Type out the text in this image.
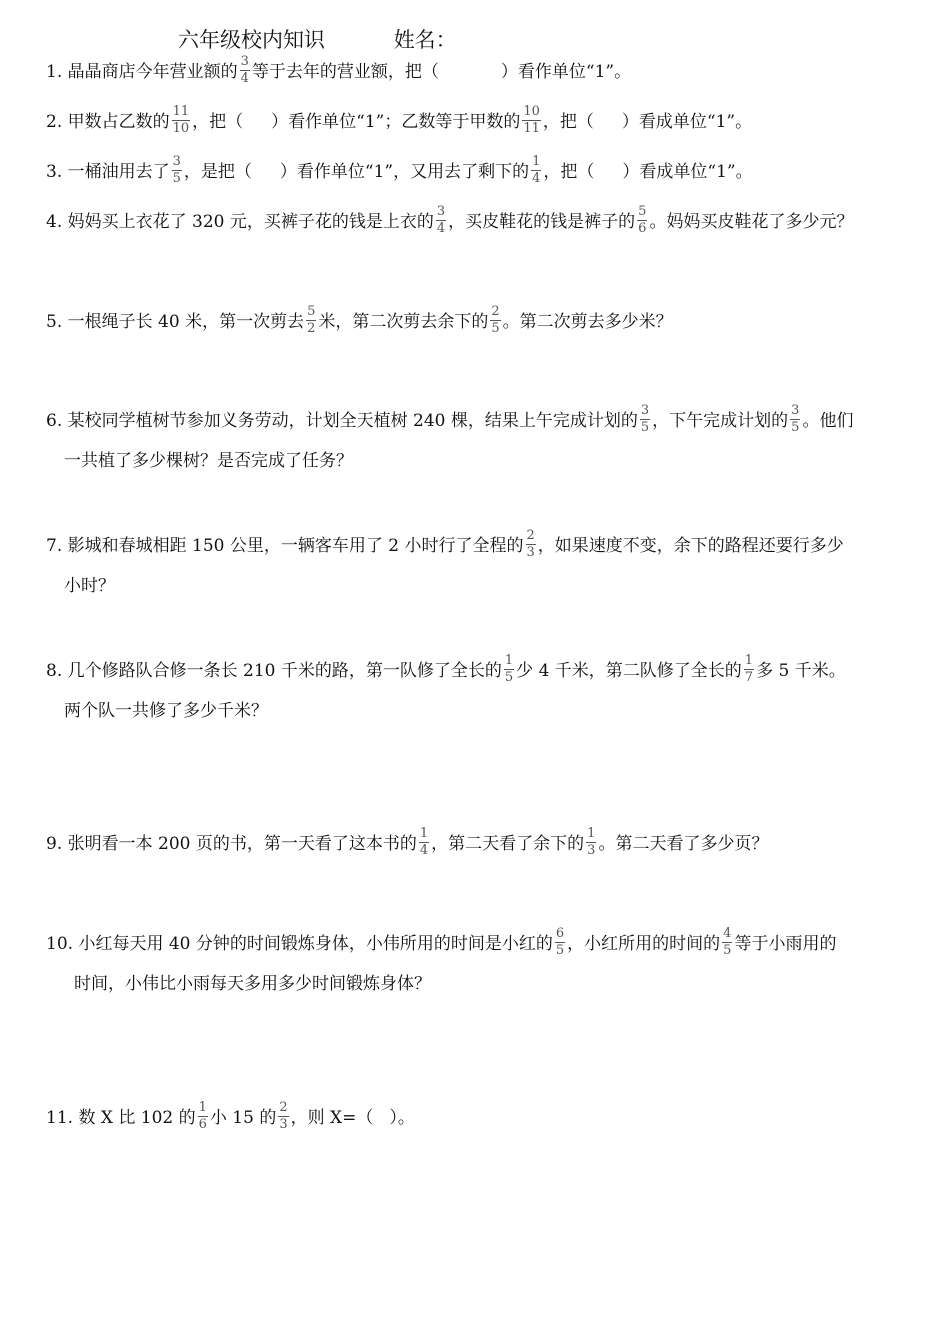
六年级校内知识	姓名：
1. 晶晶商店今年营业额的 $\frac{3}{4}$ 等于去年的营业额，把（	）看作单位“1”。
2. 甲数占乙数的 $\frac{11}{10}$ ，把（ ）看作单位“1”；乙数等于甲数的 $\frac{10}{11}$ ，把（ ）看成单位“1”。
3. 一桶油用去了 $\frac{3}{5}$ ，是把（ ）看作单位“1”，又用去了剩下的 $\frac{1}{4}$ ，把（ ）看成单位“1”。
4. 妈妈买上衣花了 320 元，买裤子花的钱是上衣的 $\frac{3}{4}$ ，买皮鞋花的钱是裤子的 $\frac{5}{6}$ 。妈妈买皮鞋花了多少元？
5. 一根绳子长 40 米，第一次剪去 $\frac{5}{2}$ 米，第二次剪去余下的 $\frac{2}{5}$ 。第二次剪去多少米？
6. 某校同学植树节参加义务劳动，计划全天植树 240 棵，结果上午完成计划的 $\frac{3}{5}$ ，下午完成计划的 $\frac{3}{5}$ 。他们
一共植了多少棵树？是否完成了任务？
7. 影城和春城相距 150 公里，一辆客车用了 2 小时行了全程的 $\frac{2}{3}$ ，如果速度不变，余下的路程还要行多少
小时？
8. 几个修路队合修一条长 210 千米的路，第一队修了全长的 $\frac{1}{5}$ 少 4 千米，第二队修了全长的 $\frac{1}{7}$ 多 5 千米。
两个队一共修了多少千米？
9. 张明看一本 200 页的书，第一天看了这本书的 $\frac{1}{4}$ ，第二天看了余下的 $\frac{1}{3}$ 。第二天看了多少页？
10. 小红每天用 40 分钟的时间锻炼身体，小伟所用的时间是小红的 $\frac{6}{5}$ ，小红所用的时间的 $\frac{4}{5}$ 等于小雨用的
时间，小伟比小雨每天多用多少时间锻炼身体？
11. 数 X 比 102 的 $\frac{1}{6}$ 小 15 的 $\frac{2}{3}$ ，则 X=（ ）。
